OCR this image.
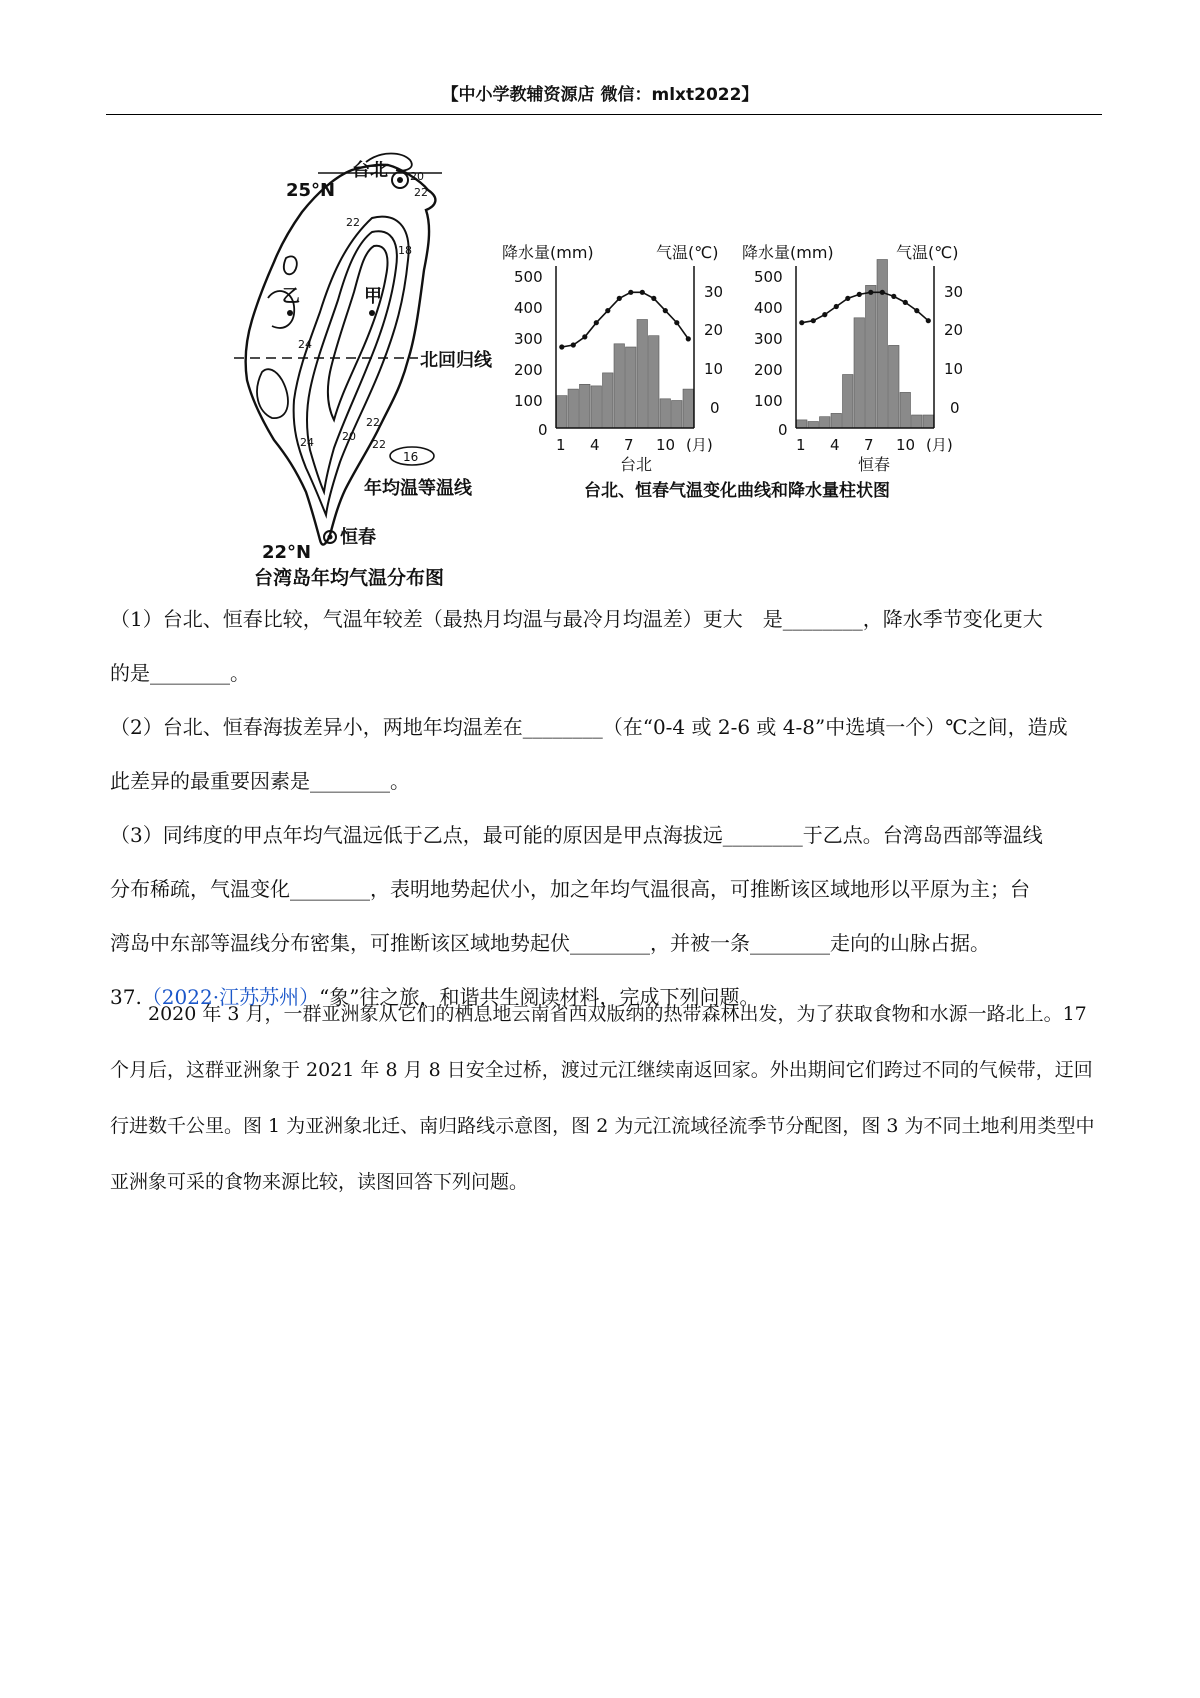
【中小学教辅资源店 微信：mlxt2022】
台北
25°N
甲
乙
北回归线
恒春
22°N
20
22
22
18
24
22
20
24	22
16
年均温等温线
台湾岛年均气温分布图
降水量(mm)	气温(℃)
500
400
300
200
100
0
30
20
10
0
1 4 7 10 (月)
台北
降水量(mm)	气温(℃)
500
400
300
200
100
0
30
20
10
0
1 4 7 10 (月)
恒春
台北、恒春气温变化曲线和降水量柱状图

（1）台北、恒春比较，气温年较差（最热月均温与最冷月均温差）更大　是________，降水季节变化更大

的是________。

（2）台北、恒春海拔差异小，两地年均温差在________（在“0-4 或 2-6 或 4-8”中选填一个）℃之间，造成

此差异的最重要因素是________。

（3）同纬度的甲点年均气温远低于乙点，最可能的原因是甲点海拔远________于乙点。台湾岛西部等温线

分布稀疏，气温变化________，表明地势起伏小，加之年均气温很高，可推断该区域地形以平原为主；台

湾岛中东部等温线分布密集，可推断该区域地势起伏________，并被一条________走向的山脉占据。

37.（2022·江苏苏州）“象”往之旅，和谐共生阅读材料，完成下列问题。

2020 年 3 月，一群亚洲象从它们的栖息地云南省西双版纳的热带森林出发，为了获取食物和水源一路北上。17 个月后，这群亚洲象于 2021 年 8 月 8 日安全过桥，渡过元江继续南返回家。外出期间它们跨过不同的气候带，迂回行进数千公里。图 1 为亚洲象北迁、南归路线示意图，图 2 为元江流域径流季节分配图，图 3 为不同土地利用类型中亚洲象可采的食物来源比较，读图回答下列问题。
